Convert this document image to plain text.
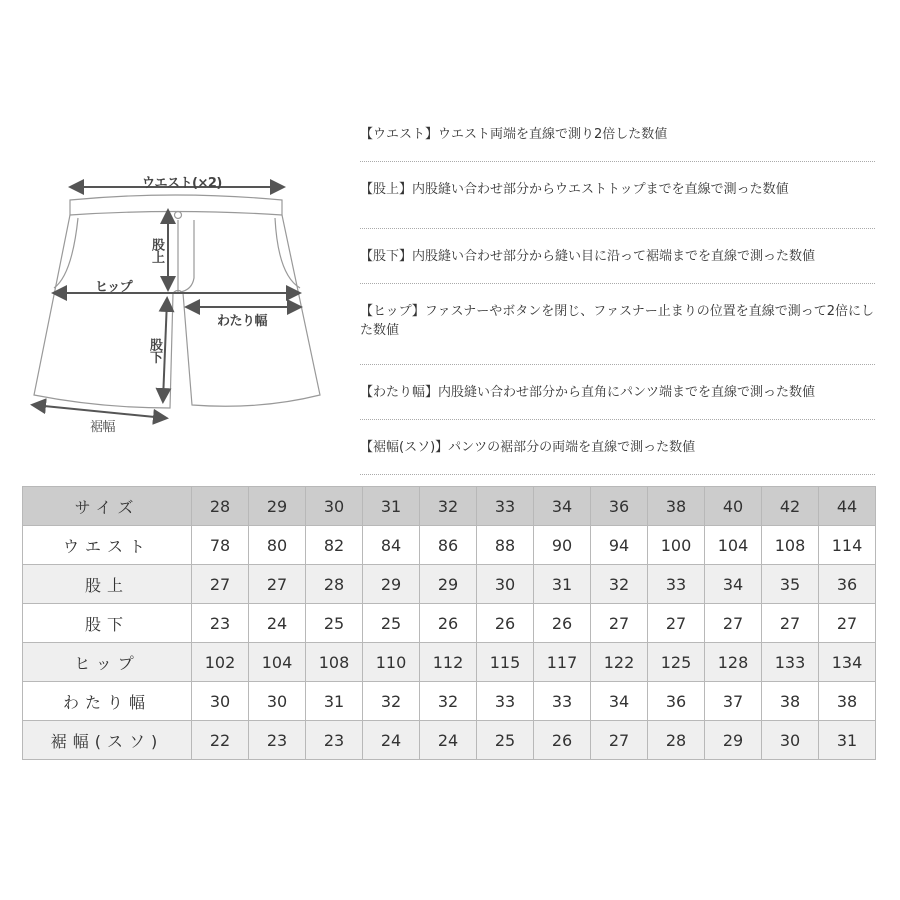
ウエスト(×2)
股上
ヒップ
わたり幅
股下
裾幅
【ウエスト】ウエスト両端を直線で測り2倍した数値
【股上】内股縫い合わせ部分からウエストトップまでを直線で測った数値
【股下】内股縫い合わせ部分から縫い目に沿って裾端までを直線で測った数値
【ヒップ】ファスナーやボタンを閉じ、ファスナー止まりの位置を直線で測って2倍にした数値
【わたり幅】内股縫い合わせ部分から直角にパンツ端までを直線で測った数値
【裾幅(スソ)】パンツの裾部分の両端を直線で測った数値
サイズ	28	29	30	31	32	33	34	36	38	40	42	44
ウエスト	78	80	82	84	86	88	90	94	100	104	108	114
股上	27	27	28	29	29	30	31	32	33	34	35	36
股下	23	24	25	25	26	26	26	27	27	27	27	27
ヒップ	102	104	108	110	112	115	117	122	125	128	133	134
わたり幅	30	30	31	32	32	33	33	34	36	37	38	38
裾幅(スソ)	22	23	23	24	24	25	26	27	28	29	30	31
